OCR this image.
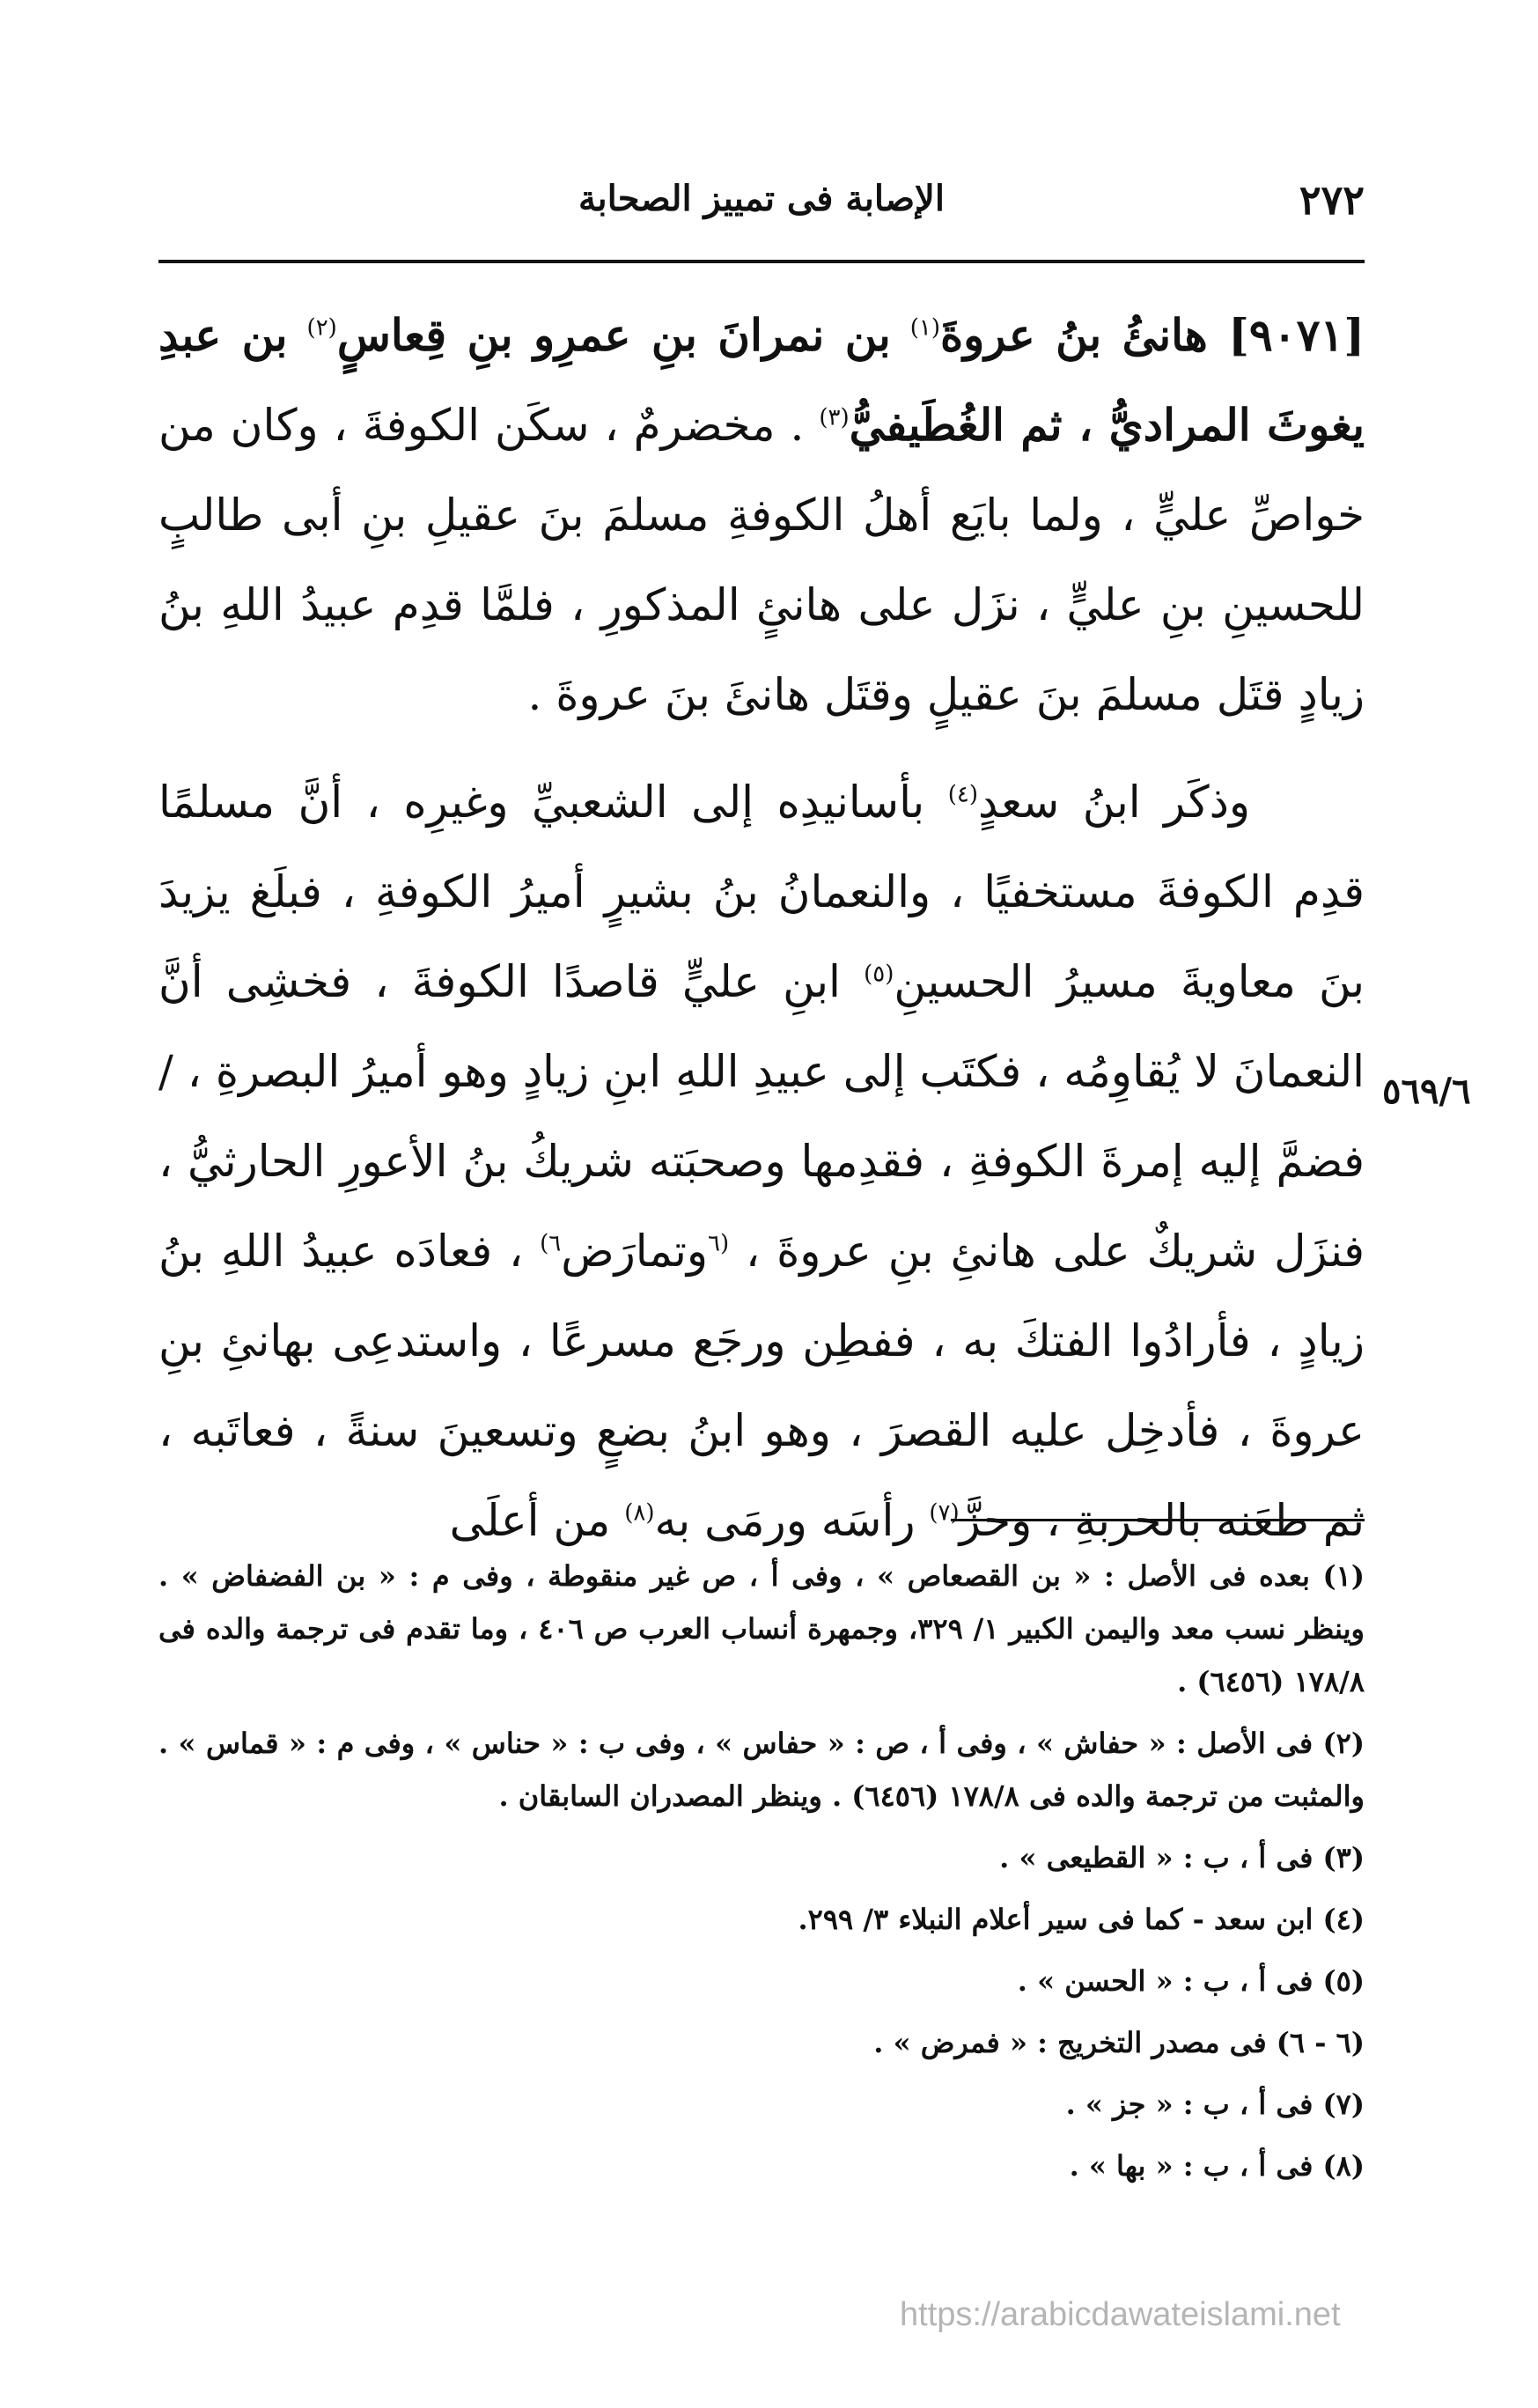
٢٧٢
الإصابة فى تمييز الصحابة

[٩٠٧١] هانئُ بنُ عروةَ$^{(١)}$ بن نمرانَ بنِ عمرِو بنِ قِعاسٍ$^{(٢)}$ بن عبدِ يغوثَ المراديُّ ، ثم الغُطَيفيُّ$^{(٣)}$ . مخضرمٌ ، سكَن الكوفةَ ، وكان من خواصِّ عليٍّ ، ولما بايَع أهلُ الكوفةِ مسلمَ بنَ عقيلِ بنِ أبى طالبٍ للحسينِ بنِ عليٍّ ، نزَل على هانئٍ المذكورِ ، فلمَّا قدِم عبيدُ اللهِ بنُ زيادٍ قتَل مسلمَ بنَ عقيلٍ وقتَل هانئَ بنَ عروةَ .

وذكَر ابنُ سعدٍ$^{(٤)}$ بأسانيدِه إلى الشعبيِّ وغيرِه ، أنَّ مسلمًا قدِم الكوفةَ مستخفيًا ، والنعمانُ بنُ بشيرٍ أميرُ الكوفةِ ، فبلَغ يزيدَ بنَ معاويةَ مسيرُ الحسينِ$^{(٥)}$ ابنِ عليٍّ قاصدًا الكوفةَ ، فخشِى أنَّ النعمانَ لا يُقاوِمُه ، فكتَب إلى عبيدِ اللهِ ابنِ زيادٍ وهو أميرُ البصرةِ ، / فضمَّ إليه إمرةَ الكوفةِ ، فقدِمها وصحبَته شريكُ بنُ الأعورِ الحارثيُّ ، فنزَل شريكٌ على هانئِ بنِ عروةَ ، $^{(٦}$وتمارَض$^{٦)}$ ، فعادَه عبيدُ اللهِ بنُ زيادٍ ، فأرادُوا الفتكَ به ، ففطِن ورجَع مسرعًا ، واستدعِى بهانئِ بنِ عروةَ ، فأدخِل عليه القصرَ ، وهو ابنُ بضعٍ وتسعينَ سنةً ، فعاتَبه ، ثم طعَنه بالحربةِ ، وحزَّ$^{(٧)}$ رأسَه ورمَى به$^{(٨)}$ من أعلَى

٥٦٩/٦

(١) بعده فى الأصل : « بن القصعاص » ، وفى أ ، ص غير منقوطة ، وفى م : « بن الفضفاض » . وينظر نسب معد واليمن الكبير ١/ ٣٢٩، وجمهرة أنساب العرب ص ٤٠٦ ، وما تقدم فى ترجمة والده فى ١٧٨/٨ (٦٤٥٦) .

(٢) فى الأصل : « حفاش » ، وفى أ ، ص : « حفاس » ، وفى ب : « حناس » ، وفى م : « قماس » . والمثبت من ترجمة والده فى ١٧٨/٨ (٦٤٥٦) . وينظر المصدران السابقان .

(٣) فى أ ، ب : « القطيعى » .

(٤) ابن سعد - كما فى سير أعلام النبلاء ٣/ ٢٩٩.

(٥) فى أ ، ب : « الحسن » .

(٦ - ٦) فى مصدر التخريج : « فمرض » .

(٧) فى أ ، ب : « جز » .

(٨) فى أ ، ب : « بها » .

https://arabicdawateislami.net
